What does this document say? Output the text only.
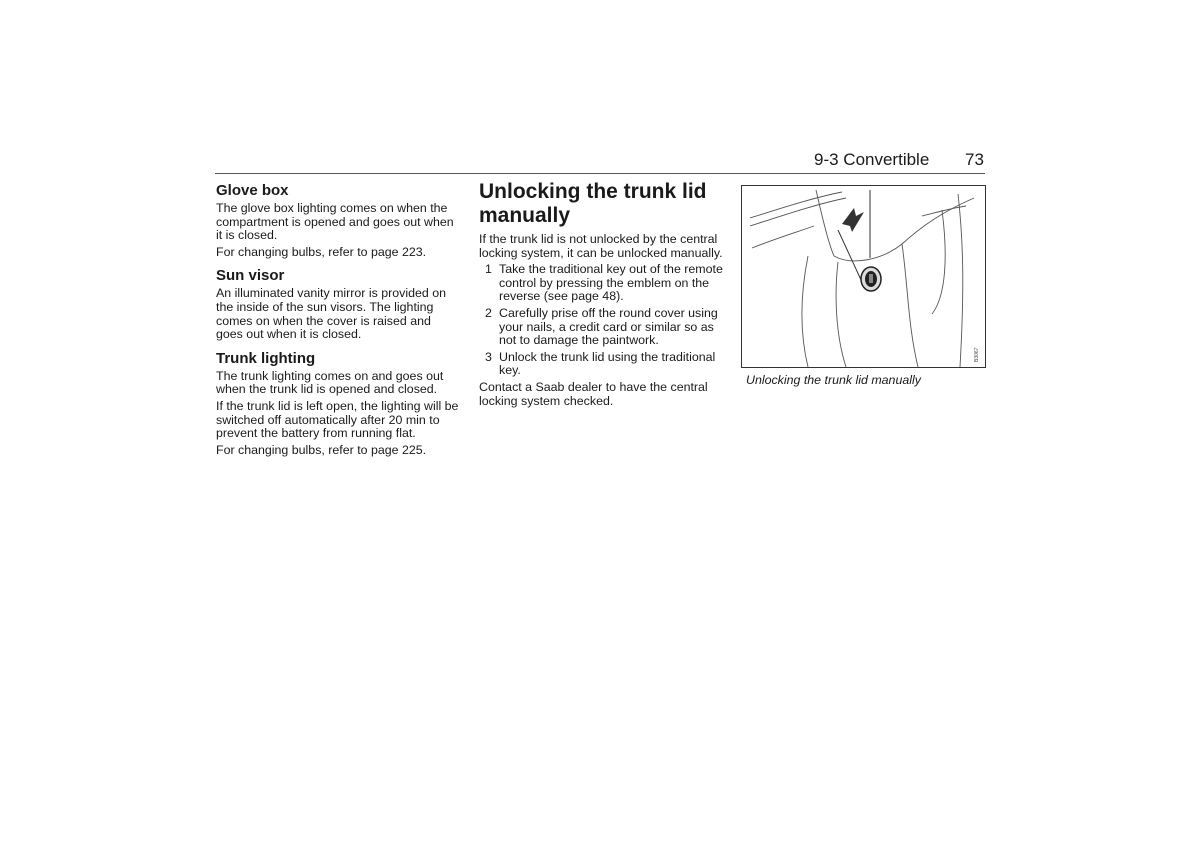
9-3 Convertible 73
Glove box

The glove box lighting comes on when the compartment is opened and goes out when it is closed.

For changing bulbs, refer to page 223.

Sun visor

An illuminated vanity mirror is provided on the inside of the sun visors. The lighting comes on when the cover is raised and goes out when it is closed.

Trunk lighting

The trunk lighting comes on and goes out when the trunk lid is opened and closed.

If the trunk lid is left open, the lighting will be switched off automatically after 20 min to prevent the battery from running flat.

For changing bulbs, refer to page 225.

Unlocking the trunk lid manually

If the trunk lid is not unlocked by the central locking system, it can be unlocked manually.

1 Take the traditional key out of the remote control by pressing the emblem on the reverse (see page 48).
2 Carefully prise off the round cover using your nails, a credit card or similar so as not to damage the paintwork.
3 Unlock the trunk lid using the traditional key.

Contact a Saab dealer to have the central locking system checked.

B3067
Unlocking the trunk lid manually
